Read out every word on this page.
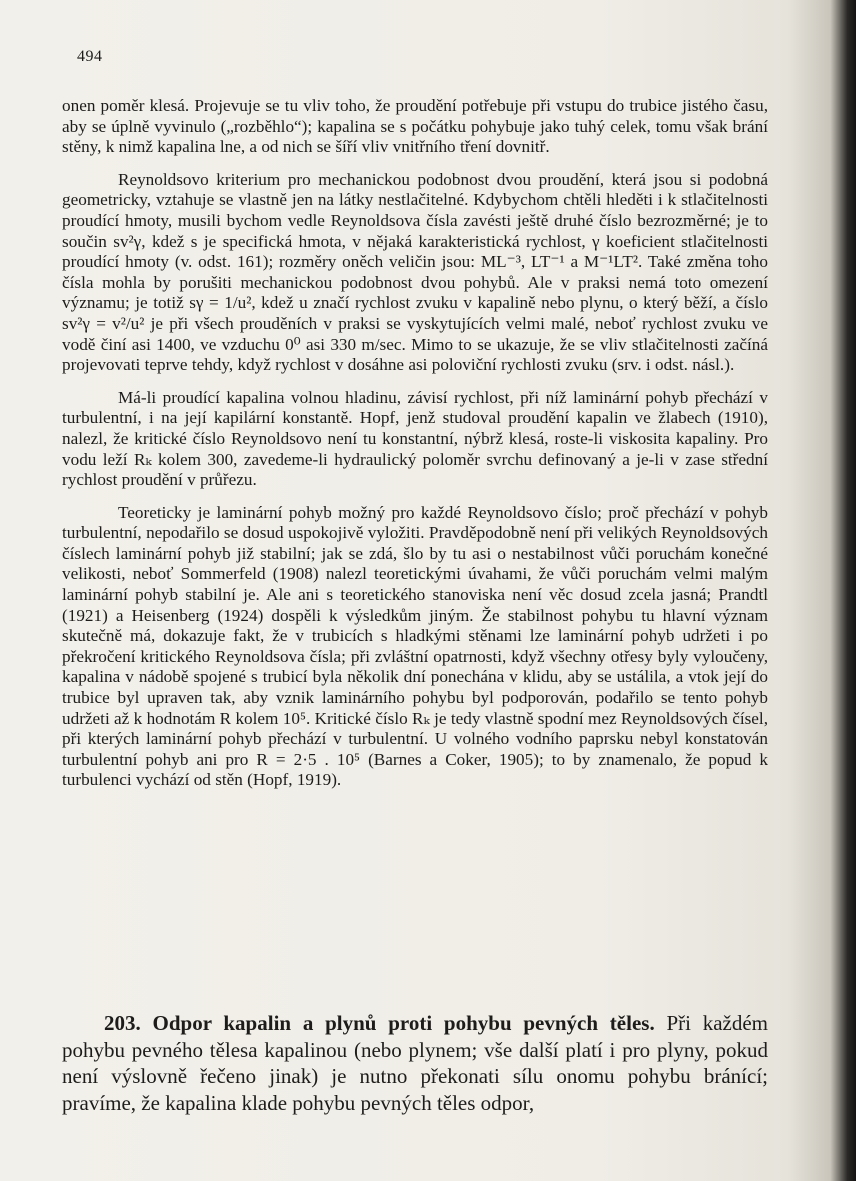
494

onen poměr klesá. Projevuje se tu vliv toho, že proudění potřebuje při vstupu do trubice jistého času, aby se úplně vyvinulo („rozběhlo“); kapalina se s počátku pohybuje jako tuhý celek, tomu však brání stěny, k nimž kapalina lne, a od nich se šíří vliv vnitřního tření dovnitř.

Reynoldsovo kriterium pro mechanickou podobnost dvou proudění, která jsou si podobná geometricky, vztahuje se vlastně jen na látky nestlačitelné. Kdybychom chtěli hleděti i k stlačitelnosti proudící hmoty, musili bychom vedle Reynoldsova čísla zavésti ještě druhé číslo bezrozměrné; je to součin sv²γ, kdež s je specifická hmota, v nějaká karakteristická rychlost, γ koeficient stlačitelnosti proudící hmoty (v. odst. 161); rozměry oněch veličin jsou: ML⁻³, LT⁻¹ a M⁻¹LT². Také změna toho čísla mohla by porušiti mechanickou podobnost dvou pohybů. Ale v praksi nemá toto omezení významu; je totiž sγ = 1/u², kdež u značí rychlost zvuku v kapalině nebo plynu, o který běží, a číslo sv²γ = v²/u² je při všech prouděních v praksi se vyskytujících velmi malé, neboť rychlost zvuku ve vodě činí asi 1400, ve vzduchu 0⁰ asi 330 m/sec. Mimo to se ukazuje, že se vliv stlačitelnosti začíná projevovati teprve tehdy, když rychlost v dosáhne asi poloviční rychlosti zvuku (srv. i odst. násl.).

Má-li proudící kapalina volnou hladinu, závisí rychlost, při níž laminární pohyb přechází v turbulentní, i na její kapilární konstantě. Hopf, jenž studoval proudění kapalin ve žlabech (1910), nalezl, že kritické číslo Reynoldsovo není tu konstantní, nýbrž klesá, roste-li viskosita kapaliny. Pro vodu leží Rₖ kolem 300, zavedeme-li hydraulický poloměr svrchu definovaný a je-li v zase střední rychlost proudění v průřezu.

Teoreticky je laminární pohyb možný pro každé Reynoldsovo číslo; proč přechází v pohyb turbulentní, nepodařilo se dosud uspokojivě vyložiti. Pravděpodobně není při velikých Reynoldsových číslech laminární pohyb již stabilní; jak se zdá, šlo by tu asi o nestabilnost vůči poruchám konečné velikosti, neboť Sommerfeld (1908) nalezl teoretickými úvahami, že vůči poruchám velmi malým laminární pohyb stabilní je. Ale ani s teoretického stanoviska není věc dosud zcela jasná; Prandtl (1921) a Heisenberg (1924) dospěli k výsledkům jiným. Že stabilnost pohybu tu hlavní význam skutečně má, dokazuje fakt, že v trubicích s hladkými stěnami lze laminární pohyb udržeti i po překročení kritického Reynoldsova čísla; při zvláštní opatrnosti, když všechny otřesy byly vyloučeny, kapalina v nádobě spojené s trubicí byla několik dní ponechána v klidu, aby se ustálila, a vtok její do trubice byl upraven tak, aby vznik laminárního pohybu byl podporován, podařilo se tento pohyb udržeti až k hodnotám R kolem 10⁵. Kritické číslo Rₖ je tedy vlastně spodní mez Reynoldsových čísel, při kterých laminární pohyb přechází v turbulentní. U volného vodního paprsku nebyl konstatován turbulentní pohyb ani pro R = 2·5 . 10⁵ (Barnes a Coker, 1905); to by znamenalo, že popud k turbulenci vychází od stěn (Hopf, 1919).

203. Odpor kapalin a plynů proti pohybu pevných těles. Při každém pohybu pevného tělesa kapalinou (nebo plynem; vše další platí i pro plyny, pokud není výslovně řečeno jinak) je nutno překonati sílu onomu pohybu bránící; pravíme, že kapalina klade pohybu pevných těles odpor,
